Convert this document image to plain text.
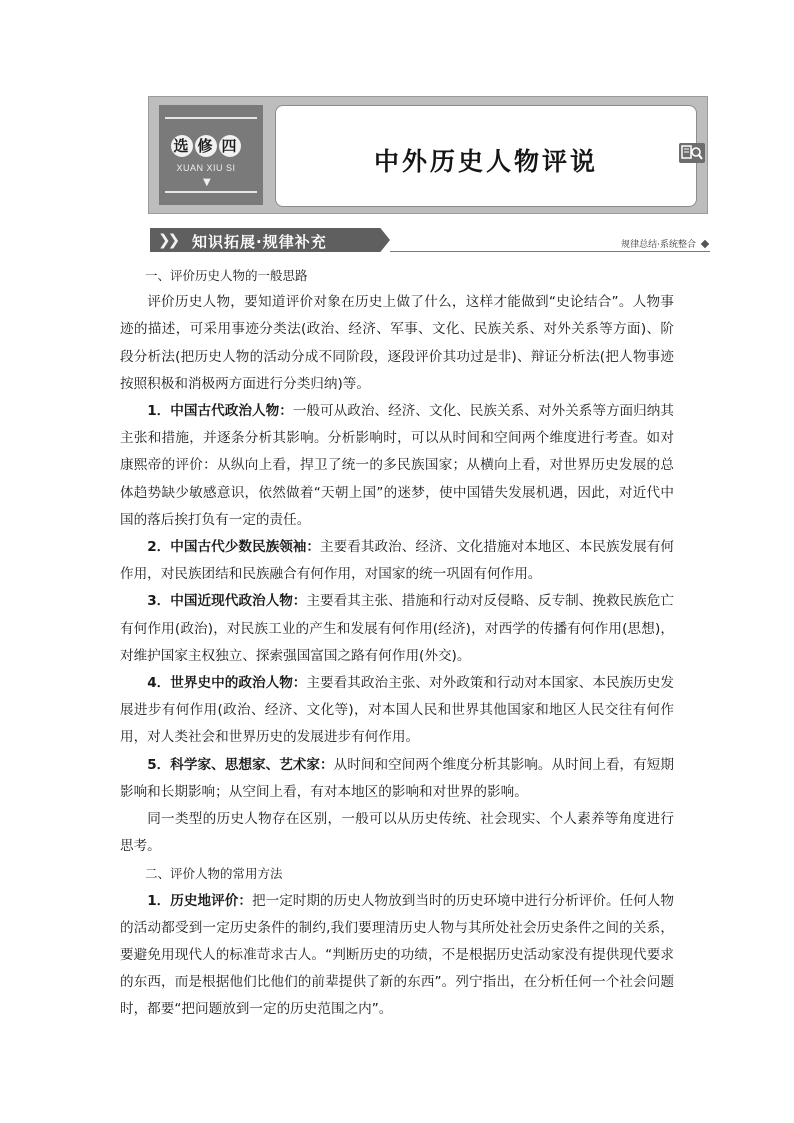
选 修 四
XUAN XIU SI
▼
中外历史人物评说
❯❯ 知识拓展·规律补充	规律总结·系统整合

一、评价历史人物的一般思路

评价历史人物，要知道评价对象在历史上做了什么，这样才能做到“史论结合”。人物事迹的描述，可采用事迹分类法(政治、经济、军事、文化、民族关系、对外关系等方面)、阶段分析法(把历史人物的活动分成不同阶段，逐段评价其功过是非)、辩证分析法(把人物事迹按照积极和消极两方面进行分类归纳)等。

1．中国古代政治人物：一般可从政治、经济、文化、民族关系、对外关系等方面归纳其主张和措施，并逐条分析其影响。分析影响时，可以从时间和空间两个维度进行考查。如对康熙帝的评价：从纵向上看，捍卫了统一的多民族国家；从横向上看，对世界历史发展的总体趋势缺少敏感意识，依然做着“天朝上国”的迷梦，使中国错失发展机遇，因此，对近代中国的落后挨打负有一定的责任。

2．中国古代少数民族领袖：主要看其政治、经济、文化措施对本地区、本民族发展有何作用，对民族团结和民族融合有何作用，对国家的统一巩固有何作用。

3．中国近现代政治人物：主要看其主张、措施和行动对反侵略、反专制、挽救民族危亡有何作用(政治)，对民族工业的产生和发展有何作用(经济)，对西学的传播有何作用(思想)，对维护国家主权独立、探索强国富国之路有何作用(外交)。

4．世界史中的政治人物：主要看其政治主张、对外政策和行动对本国家、本民族历史发展进步有何作用(政治、经济、文化等)，对本国人民和世界其他国家和地区人民交往有何作用，对人类社会和世界历史的发展进步有何作用。

5．科学家、思想家、艺术家：从时间和空间两个维度分析其影响。从时间上看，有短期影响和长期影响；从空间上看，有对本地区的影响和对世界的影响。

同一类型的历史人物存在区别，一般可以从历史传统、社会现实、个人素养等角度进行思考。

二、评价人物的常用方法

1．历史地评价：把一定时期的历史人物放到当时的历史环境中进行分析评价。任何人物的活动都受到一定历史条件的制约,我们要理清历史人物与其所处社会历史条件之间的关系，要避免用现代人的标准苛求古人。“判断历史的功绩，不是根据历史活动家没有提供现代要求的东西，而是根据他们比他们的前辈提供了新的东西”。列宁指出，在分析任何一个社会问题时，都要“把问题放到一定的历史范围之内”。
